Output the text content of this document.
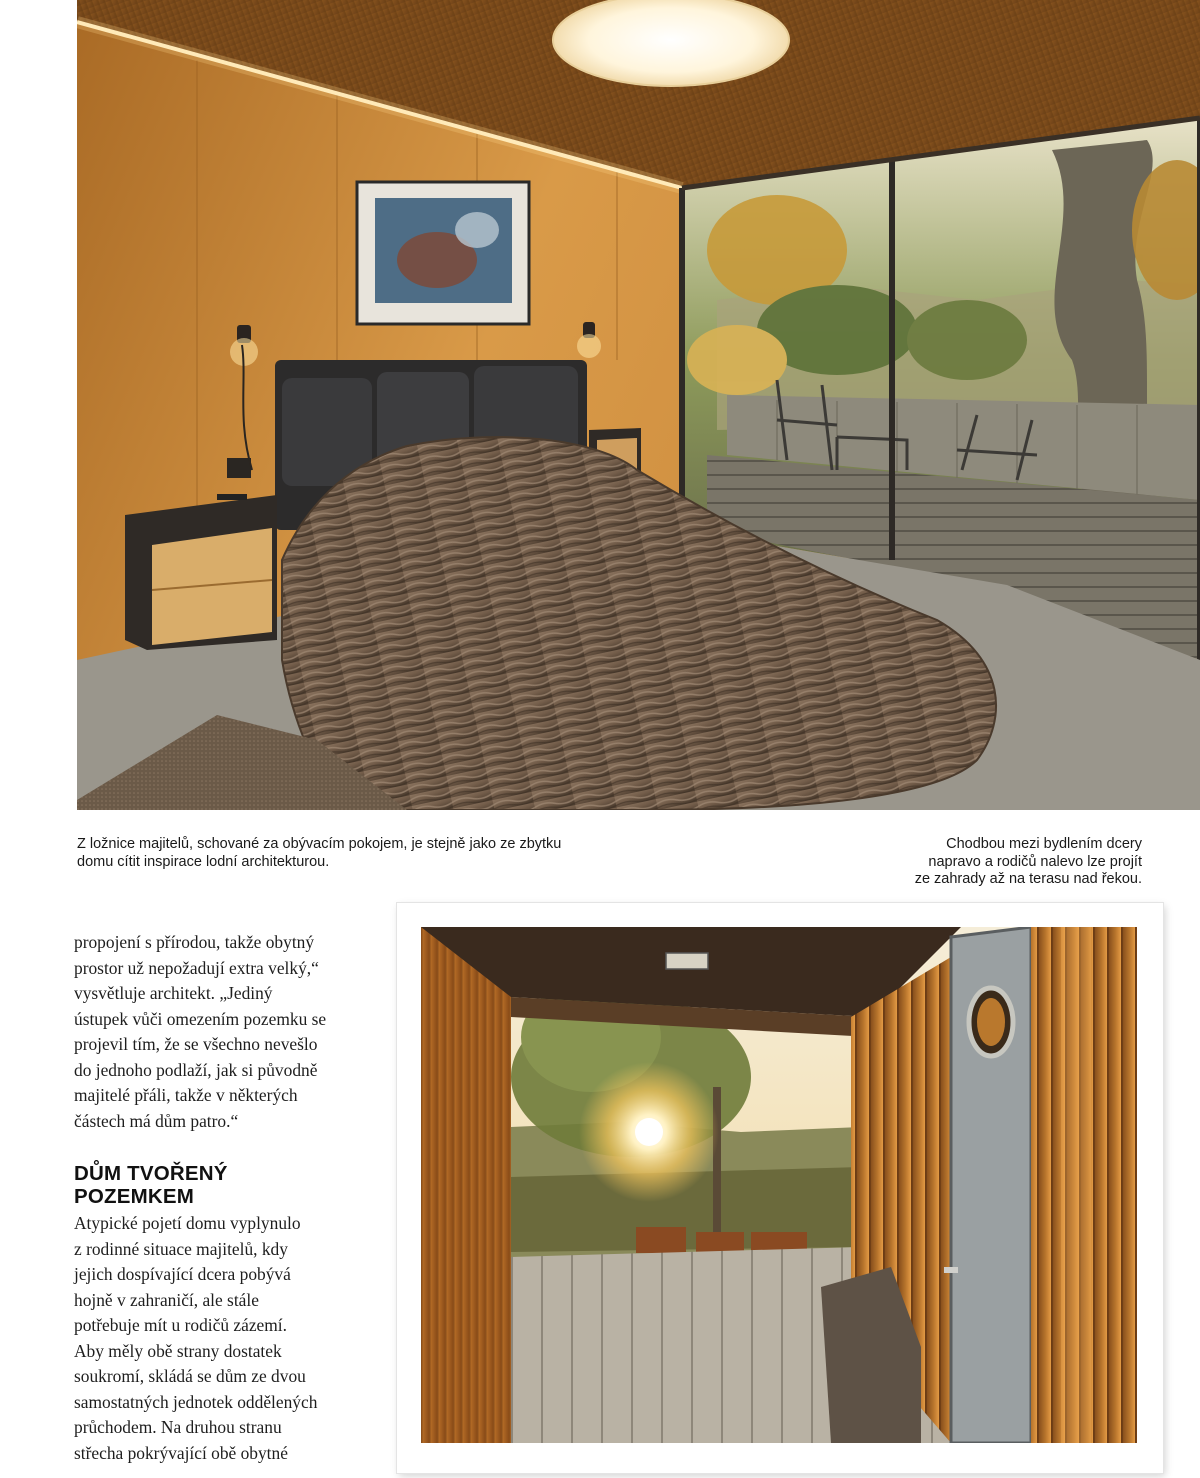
Z ložnice majitelů, schované za obývacím pokojem, je stejně jako ze zbytku
domu cítit inspirace lodní architekturou.
Chodbou mezi bydlením dcery
napravo a rodičů nalevo lze projít
ze zahrady až na terasu nad řekou.

propojení s přírodou, takže obytný
prostor už nepožadují extra velký,“
vysvětluje architekt. „Jediný
ústupek vůči omezením pozemku se
projevil tím, že se všechno nevešlo
do jednoho podlaží, jak si původně
majitelé přáli, takže v některých
částech má dům patro.“

DŮM TVOŘENÝ
POZEMKEM

Atypické pojetí domu vyplynulo
z rodinné situace majitelů, kdy
jejich dospívající dcera pobývá
hojně v zahraničí, ale stále
potřebuje mít u rodičů zázemí.
Aby měly obě strany dostatek
soukromí, skládá se dům ze dvou
samostatných jednotek oddělených
průchodem. Na druhou stranu
střecha pokrývající obě obytné
